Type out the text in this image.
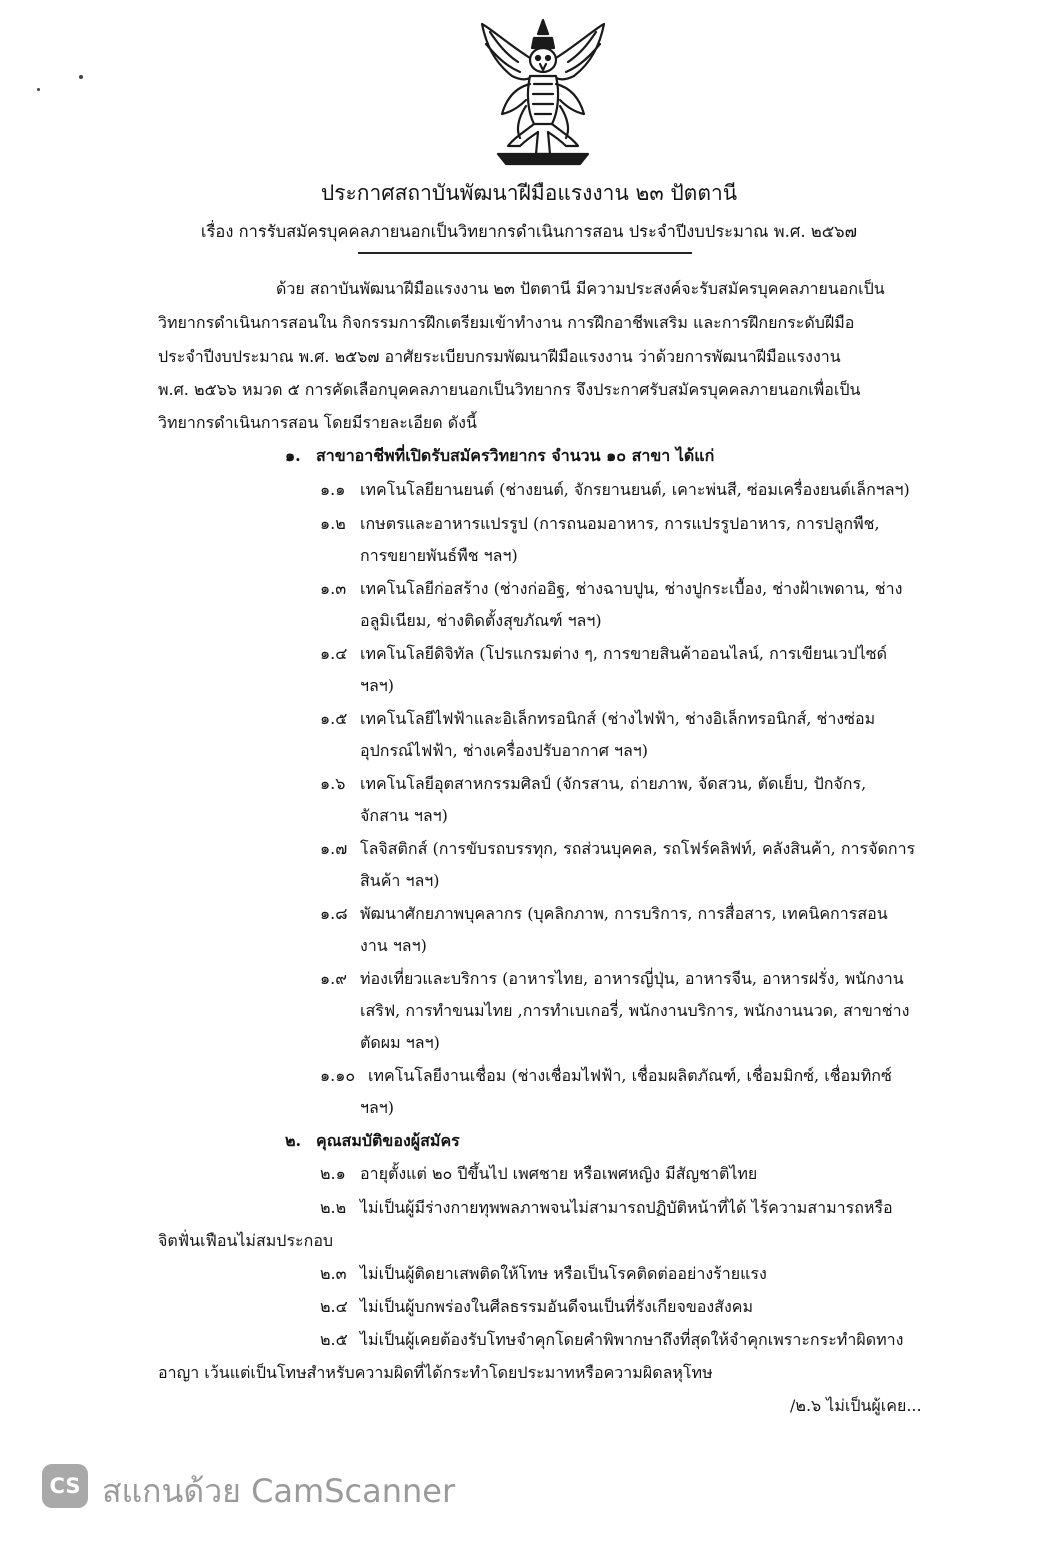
ประกาศสถาบันพัฒนาฝีมือแรงงาน ๒๓ ปัตตานี
เรื่อง การรับสมัครบุคคลภายนอกเป็นวิทยากรดำเนินการสอน ประจำปีงบประมาณ พ.ศ. ๒๕๖๗
ด้วย สถาบันพัฒนาฝีมือแรงงาน ๒๓ ปัตตานี มีความประสงค์จะรับสมัครบุคคลภายนอกเป็น
วิทยากรดำเนินการสอนใน กิจกรรมการฝึกเตรียมเข้าทำงาน การฝึกอาชีพเสริม และการฝึกยกระดับฝีมือ
ประจำปีงบประมาณ พ.ศ. ๒๕๖๗ อาศัยระเบียบกรมพัฒนาฝีมือแรงงาน ว่าด้วยการพัฒนาฝีมือแรงงาน
พ.ศ. ๒๕๖๖ หมวด ๕ การคัดเลือกบุคคลภายนอกเป็นวิทยากร จึงประกาศรับสมัครบุคคลภายนอกเพื่อเป็น
วิทยากรดำเนินการสอน โดยมีรายละเอียด ดังนี้
๑. สาขาอาชีพที่เปิดรับสมัครวิทยากร จำนวน ๑๐ สาขา ได้แก่
๑.๑ เทคโนโลยียานยนต์ (ช่างยนต์, จักรยานยนต์, เคาะพ่นสี, ซ่อมเครื่องยนต์เล็กฯลฯ)
๑.๒ เกษตรและอาหารแปรรูป (การถนอมอาหาร, การแปรรูปอาหาร, การปลูกพืช,
การขยายพันธ์พืช ฯลฯ)
๑.๓ เทคโนโลยีก่อสร้าง (ช่างก่ออิฐ, ช่างฉาบปูน, ช่างปูกระเบื้อง, ช่างฝ้าเพดาน, ช่าง
อลูมิเนียม, ช่างติดตั้งสุขภัณฑ์ ฯลฯ)
๑.๔ เทคโนโลยีดิจิทัล (โปรแกรมต่าง ๆ, การขายสินค้าออนไลน์, การเขียนเวปไซด์
ฯลฯ)
๑.๕ เทคโนโลยีไฟฟ้าและอิเล็กทรอนิกส์ (ช่างไฟฟ้า, ช่างอิเล็กทรอนิกส์, ช่างซ่อม
อุปกรณ์ไฟฟ้า, ช่างเครื่องปรับอากาศ ฯลฯ)
๑.๖ เทคโนโลยีอุตสาหกรรมศิลป์ (จักรสาน, ถ่ายภาพ, จัดสวน, ตัดเย็บ, ปักจักร,
จักสาน ฯลฯ)
๑.๗ โลจิสติกส์ (การขับรถบรรทุก, รถส่วนบุคคล, รถโฟร์คลิฟท์, คลังสินค้า, การจัดการ
สินค้า ฯลฯ)
๑.๘ พัฒนาศักยภาพบุคลากร (บุคลิกภาพ, การบริการ, การสื่อสาร, เทคนิคการสอน
งาน ฯลฯ)
๑.๙ ท่องเที่ยวและบริการ (อาหารไทย, อาหารญี่ปุ่น, อาหารจีน, อาหารฝรั่ง, พนักงาน
เสริฟ, การทำขนมไทย ,การทำเบเกอรี่, พนักงานบริการ, พนักงานนวด, สาขาช่าง
ตัดผม ฯลฯ)
๑.๑๐ เทคโนโลยีงานเชื่อม (ช่างเชื่อมไฟฟ้า, เชื่อมผลิตภัณฑ์, เชื่อมมิกซ์, เชื่อมทิกซ์
ฯลฯ)
๒. คุณสมบัติของผู้สมัคร
๒.๑ อายุตั้งแต่ ๒๐ ปีขึ้นไป เพศชาย หรือเพศหญิง มีสัญชาติไทย
๒.๒ ไม่เป็นผู้มีร่างกายทุพพลภาพจนไม่สามารถปฏิบัติหน้าที่ได้ ไร้ความสามารถหรือ
จิตฟั่นเฟือนไม่สมประกอบ
๒.๓ ไม่เป็นผู้ติดยาเสพติดให้โทษ หรือเป็นโรคติดต่ออย่างร้ายแรง
๒.๔ ไม่เป็นผู้บกพร่องในศีลธรรมอันดีจนเป็นที่รังเกียจของสังคม
๒.๕ ไม่เป็นผู้เคยต้องรับโทษจำคุกโดยคำพิพากษาถึงที่สุดให้จำคุกเพราะกระทำผิดทาง
อาญา เว้นแต่เป็นโทษสำหรับความผิดที่ได้กระทำโดยประมาทหรือความผิดลหุโทษ
/๒.๖ ไม่เป็นผู้เคย...
CS สแกนด้วย CamScanner
